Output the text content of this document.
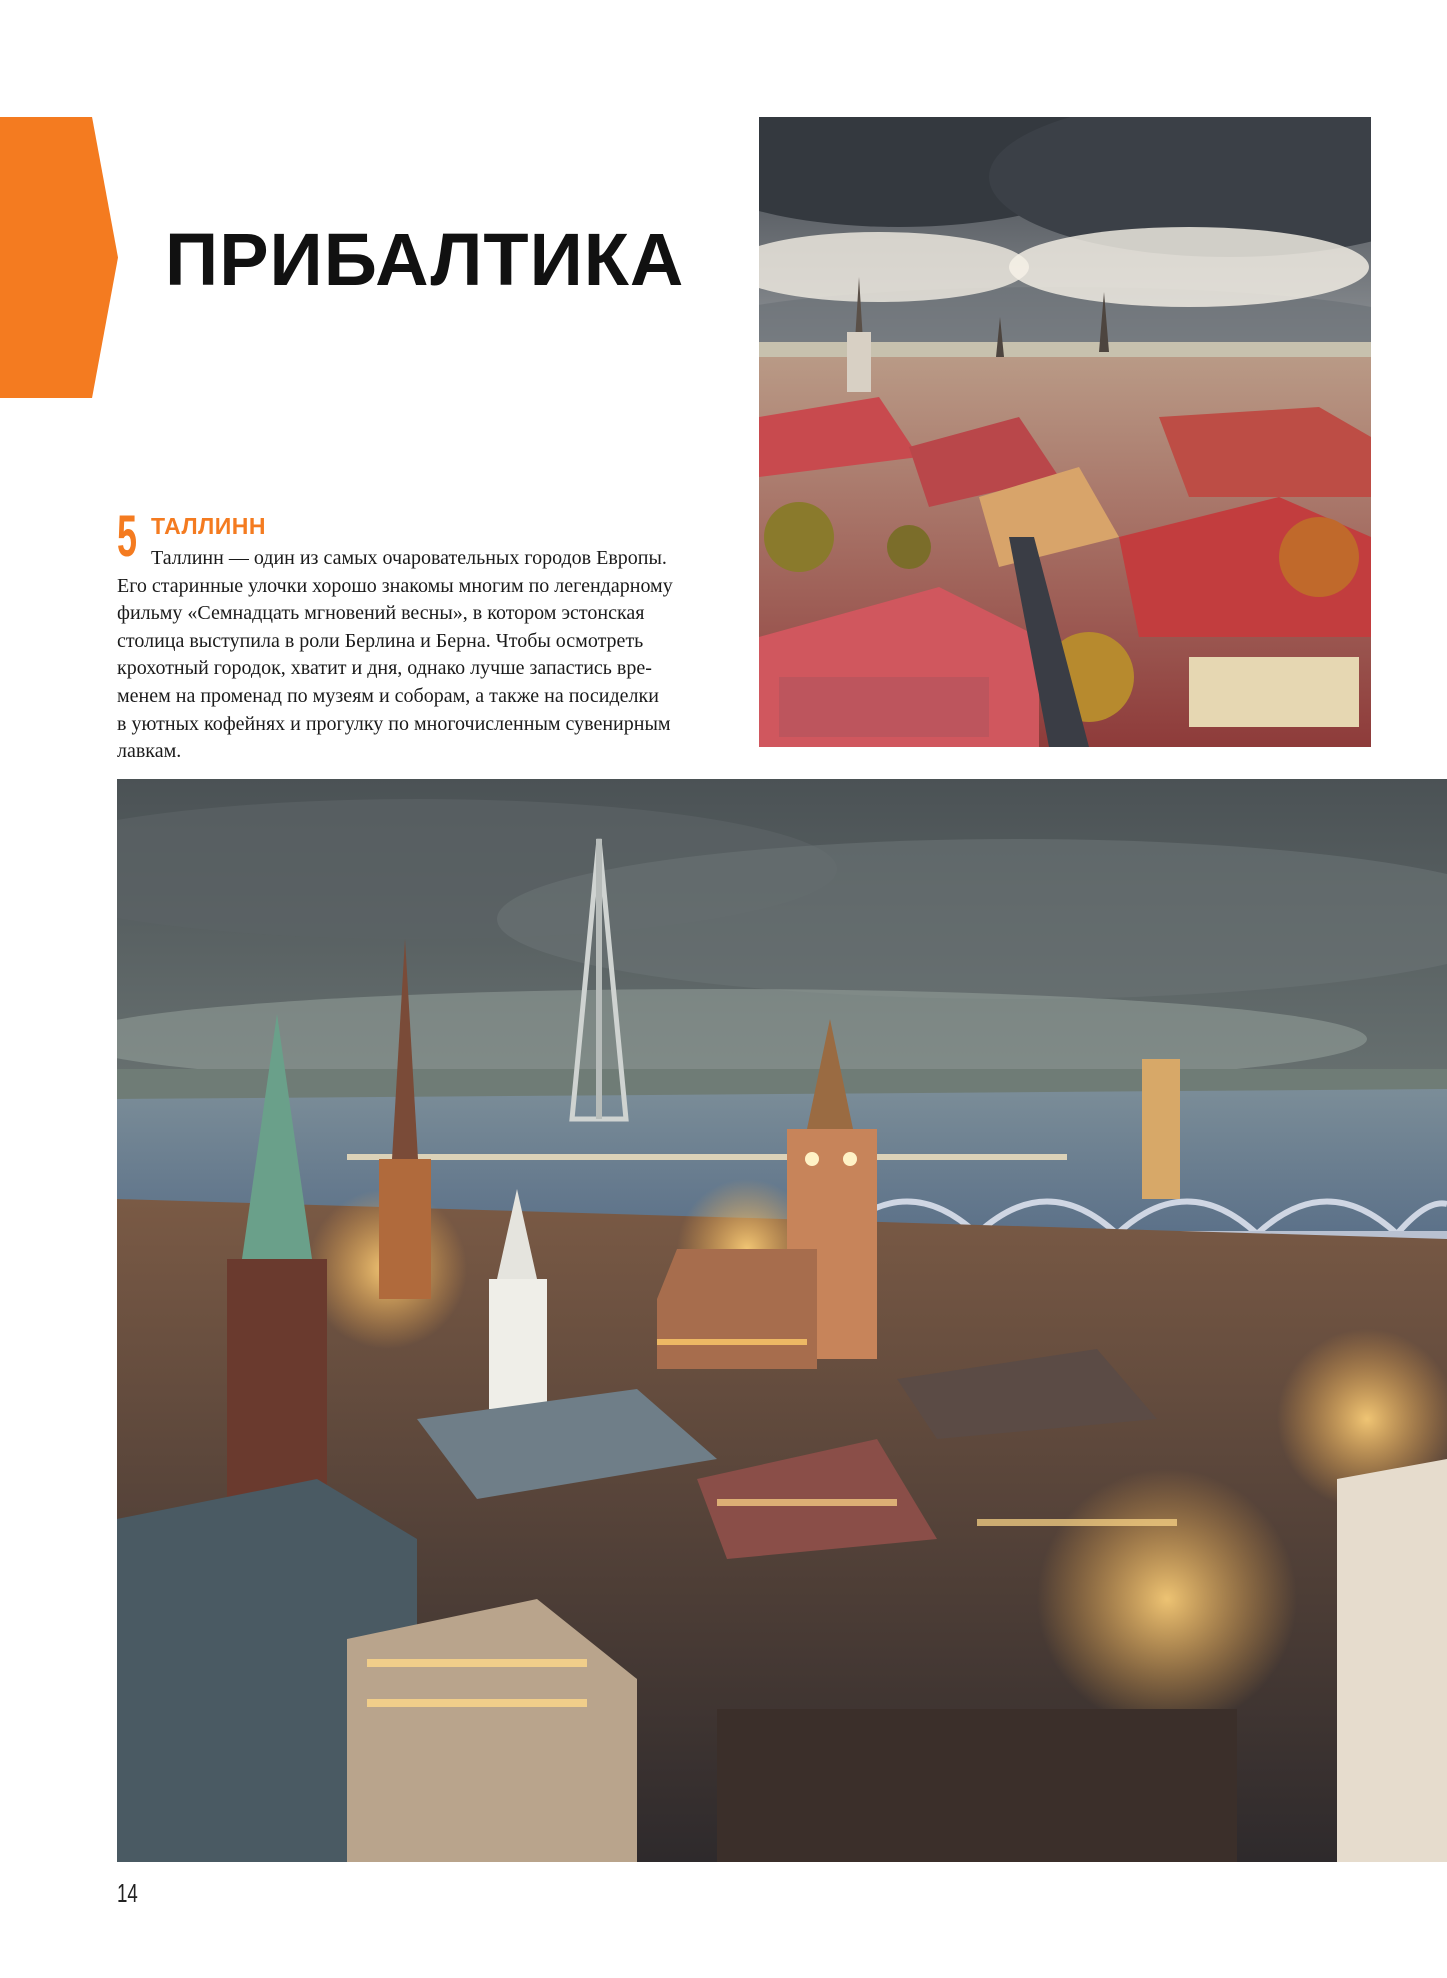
ПРИБАЛТИКА
5 ТАЛЛИНН

Таллинн — один из самых очаровательных городов Европы.
Его старинные улочки хорошо знакомы многим по легендарному
фильму «Семнадцать мгновений весны», в котором эстонская
столица выступила в роли Берлина и Берна. Чтобы осмотреть
крохотный городок, хватит и дня, однако лучше запастись вре-
менем на променад по музеям и соборам, а также на посиделки
в уютных кофейнях и прогулку по многочисленным сувенирным
лавкам.

14
